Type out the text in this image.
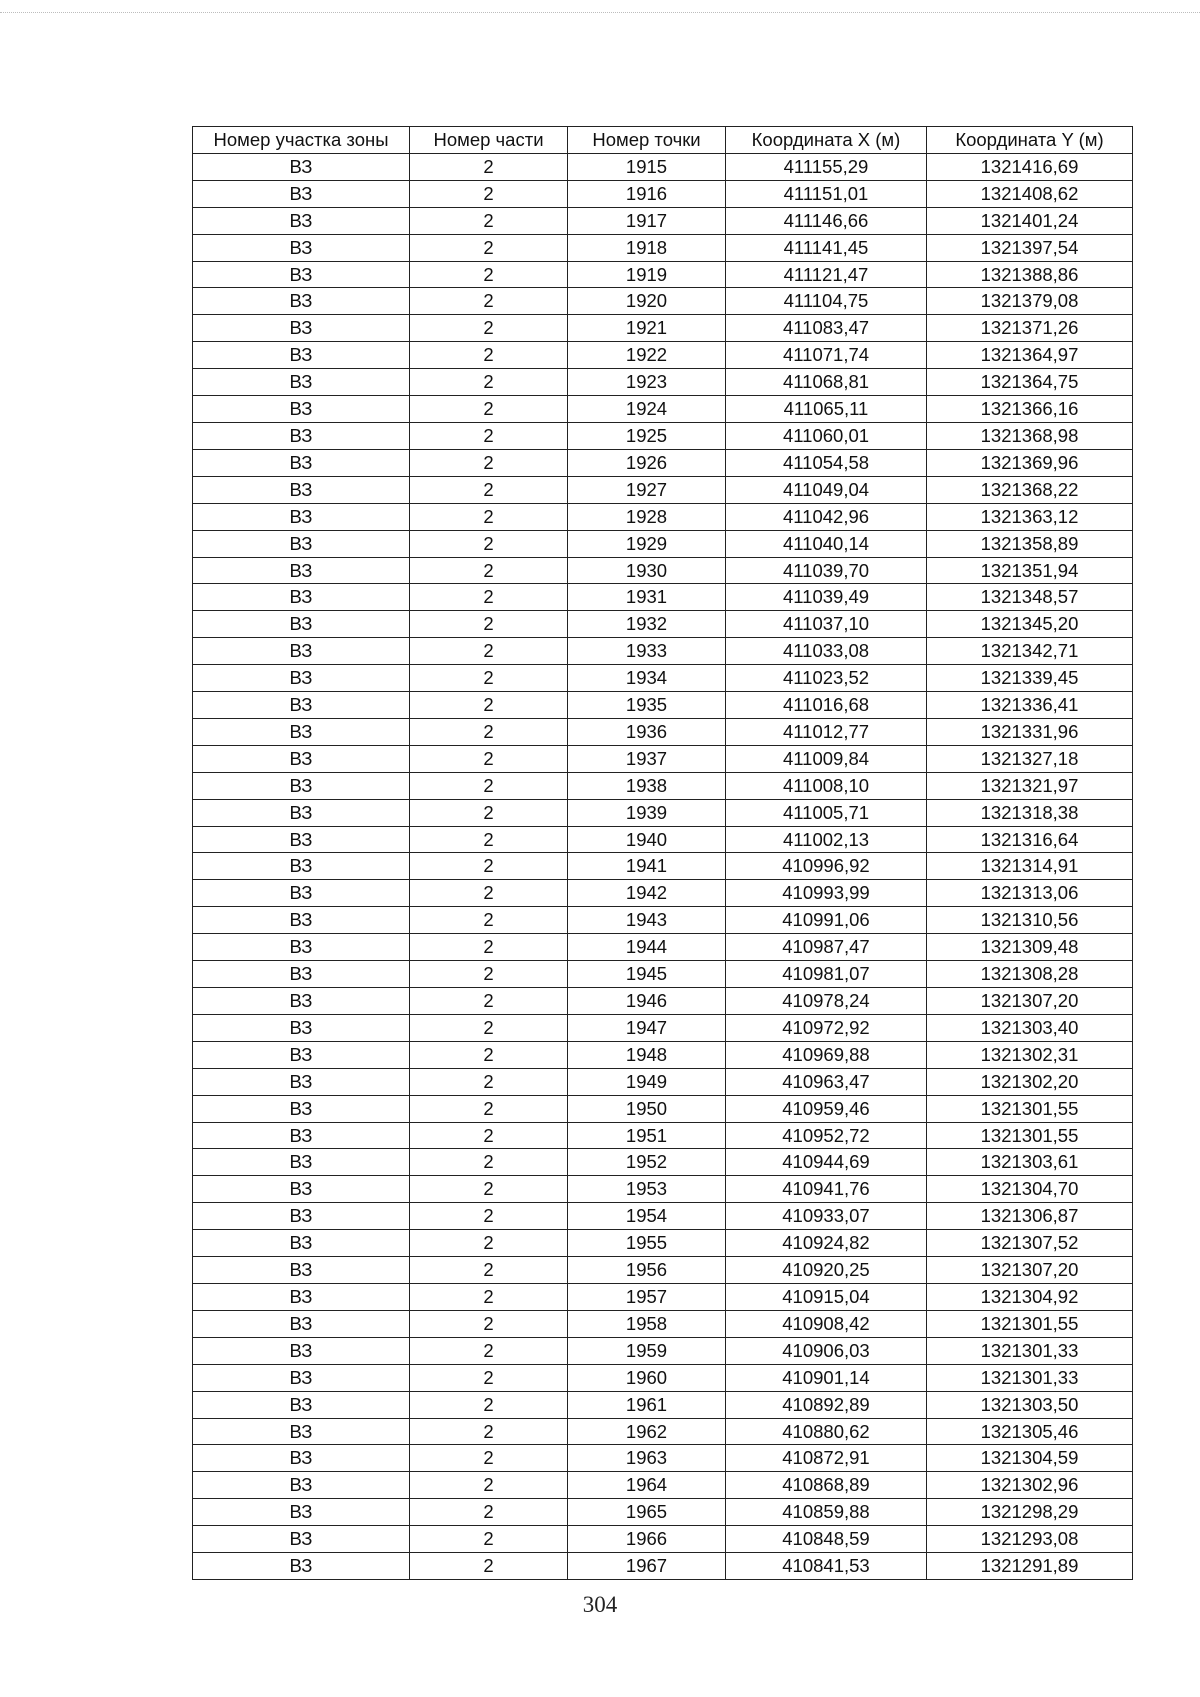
Номер участка зоны	Номер части	Номер точки	Координата X (м)	Координата Y (м)
ВЗ	2	1915	411155,29	1321416,69
ВЗ	2	1916	411151,01	1321408,62
ВЗ	2	1917	411146,66	1321401,24
ВЗ	2	1918	411141,45	1321397,54
ВЗ	2	1919	411121,47	1321388,86
ВЗ	2	1920	411104,75	1321379,08
ВЗ	2	1921	411083,47	1321371,26
ВЗ	2	1922	411071,74	1321364,97
ВЗ	2	1923	411068,81	1321364,75
ВЗ	2	1924	411065,11	1321366,16
ВЗ	2	1925	411060,01	1321368,98
ВЗ	2	1926	411054,58	1321369,96
ВЗ	2	1927	411049,04	1321368,22
ВЗ	2	1928	411042,96	1321363,12
ВЗ	2	1929	411040,14	1321358,89
ВЗ	2	1930	411039,70	1321351,94
ВЗ	2	1931	411039,49	1321348,57
ВЗ	2	1932	411037,10	1321345,20
ВЗ	2	1933	411033,08	1321342,71
ВЗ	2	1934	411023,52	1321339,45
ВЗ	2	1935	411016,68	1321336,41
ВЗ	2	1936	411012,77	1321331,96
ВЗ	2	1937	411009,84	1321327,18
ВЗ	2	1938	411008,10	1321321,97
ВЗ	2	1939	411005,71	1321318,38
ВЗ	2	1940	411002,13	1321316,64
ВЗ	2	1941	410996,92	1321314,91
ВЗ	2	1942	410993,99	1321313,06
ВЗ	2	1943	410991,06	1321310,56
ВЗ	2	1944	410987,47	1321309,48
ВЗ	2	1945	410981,07	1321308,28
ВЗ	2	1946	410978,24	1321307,20
ВЗ	2	1947	410972,92	1321303,40
ВЗ	2	1948	410969,88	1321302,31
ВЗ	2	1949	410963,47	1321302,20
ВЗ	2	1950	410959,46	1321301,55
ВЗ	2	1951	410952,72	1321301,55
ВЗ	2	1952	410944,69	1321303,61
ВЗ	2	1953	410941,76	1321304,70
ВЗ	2	1954	410933,07	1321306,87
ВЗ	2	1955	410924,82	1321307,52
ВЗ	2	1956	410920,25	1321307,20
ВЗ	2	1957	410915,04	1321304,92
ВЗ	2	1958	410908,42	1321301,55
ВЗ	2	1959	410906,03	1321301,33
ВЗ	2	1960	410901,14	1321301,33
ВЗ	2	1961	410892,89	1321303,50
ВЗ	2	1962	410880,62	1321305,46
ВЗ	2	1963	410872,91	1321304,59
ВЗ	2	1964	410868,89	1321302,96
ВЗ	2	1965	410859,88	1321298,29
ВЗ	2	1966	410848,59	1321293,08
ВЗ	2	1967	410841,53	1321291,89
304
